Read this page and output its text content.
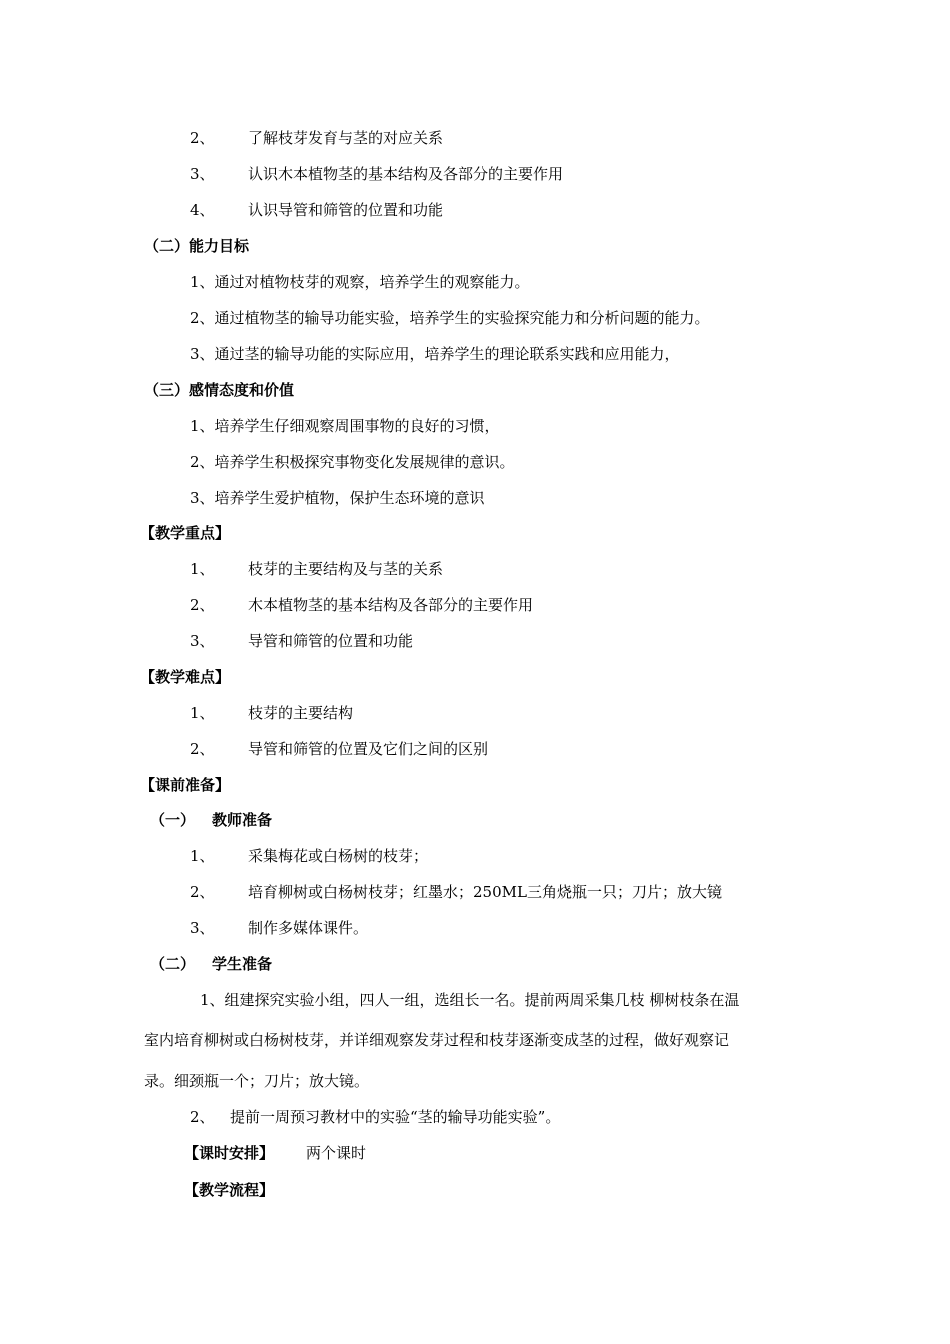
2、 了解枝芽发育与茎的对应关系
3、 认识木本植物茎的基本结构及各部分的主要作用
4、 认识导管和筛管的位置和功能
（二）能力目标
1、通过对植物枝芽的观察，培养学生的观察能力。
2、通过植物茎的输导功能实验，培养学生的实验探究能力和分析问题的能力。
3、通过茎的输导功能的实际应用，培养学生的理论联系实践和应用能力，
（三）感情态度和价值
1、培养学生仔细观察周围事物的良好的习惯，
2、培养学生积极探究事物变化发展规律的意识。
3、培养学生爱护植物，保护生态环境的意识
【教学重点】
1、 枝芽的主要结构及与茎的关系
2、 木本植物茎的基本结构及各部分的主要作用
3、 导管和筛管的位置和功能
【教学难点】
1、 枝芽的主要结构
2、 导管和筛管的位置及它们之间的区别
【课前准备】
（一） 教师准备
1、 采集梅花或白杨树的枝芽；
2、 培育柳树或白杨树枝芽；红墨水；250ML三角烧瓶一只；刀片；放大镜
3、 制作多媒体课件。
（二） 学生准备
1、组建探究实验小组，四人一组，选组长一名。提前两周采集几枝 柳树枝条在温
室内培育柳树或白杨树枝芽，并详细观察发芽过程和枝芽逐渐变成茎的过程，做好观察记
录。细颈瓶一个；刀片；放大镜。
2、 提前一周预习教材中的实验“茎的输导功能实验”。
【课时安排】 两个课时
【教学流程】
